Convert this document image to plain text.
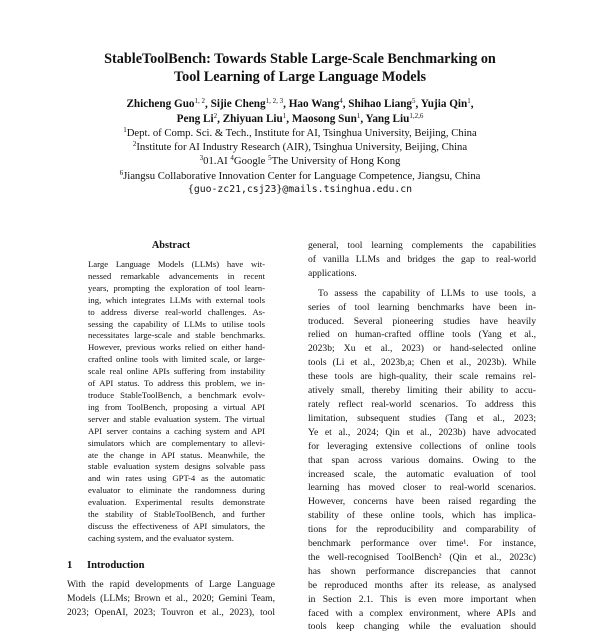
StableToolBench: Towards Stable Large-Scale Benchmarking on
Tool Learning of Large Language Models
Zhicheng Guo$^{1, 2}$, Sijie Cheng$^{1, 2, 3}$, Hao Wang$^4$, Shihao Liang$^5$, Yujia Qin$^1$,
Peng Li$^2$, Zhiyuan Liu$^1$, Maosong Sun$^1$, Yang Liu$^{1,2,6}$
$^1$Dept. of Comp. Sci. & Tech., Institute for AI, Tsinghua University, Beijing, China
$^2$Institute for AI Industry Research (AIR), Tsinghua University, Beijing, China
$^3$01.AI $^4$Google $^5$The University of Hong Kong
$^6$Jiangsu Collaborative Innovation Center for Language Competence, Jiangsu, China
{guo-zc21,csj23}@mails.tsinghua.edu.cn
Abstract
Large Language Models (LLMs) have wit-
nessed remarkable advancements in recent
years, prompting the exploration of tool learn-
ing, which integrates LLMs with external tools
to address diverse real-world challenges. As-
sessing the capability of LLMs to utilise tools
necessitates large-scale and stable benchmarks.
However, previous works relied on either hand-
crafted online tools with limited scale, or large-
scale real online APIs suffering from instability
of API status. To address this problem, we in-
troduce StableToolBench, a benchmark evolv-
ing from ToolBench, proposing a virtual API
server and stable evaluation system. The virtual
API server contains a caching system and API
simulators which are complementary to allevi-
ate the change in API status. Meanwhile, the
stable evaluation system designs solvable pass
and win rates using GPT-4 as the automatic
evaluator to eliminate the randomness during
evaluation. Experimental results demonstrate
the stability of StableToolBench, and further
discuss the effectiveness of API simulators, the
caching system, and the evaluator system.
1 Introduction
With the rapid developments of Large Language
Models (LLMs; Brown et al., 2020; Gemini Team,
2023; OpenAI, 2023; Touvron et al., 2023), tool
general, tool learning complements the capabilities
of vanilla LLMs and bridges the gap to real-world
applications.
To assess the capability of LLMs to use tools, a
series of tool learning benchmarks have been in-
troduced. Several pioneering studies have heavily
relied on human-crafted offline tools (Yang et al.,
2023b; Xu et al., 2023) or hand-selected online
tools (Li et al., 2023b,a; Chen et al., 2023b). While
these tools are high-quality, their scale remains rel-
atively small, thereby limiting their ability to accu-
rately reflect real-world scenarios. To address this
limitation, subsequent studies (Tang et al., 2023;
Ye et al., 2024; Qin et al., 2023b) have advocated
for leveraging extensive collections of online tools
that span across various domains. Owing to the
increased scale, the automatic evaluation of tool
learning has moved closer to real-world scenarios.
However, concerns have been raised regarding the
stability of these online tools, which has implica-
tions for the reproducibility and comparability of
benchmark performance over time¹. For instance,
the well-recognised ToolBench² (Qin et al., 2023c)
has shown performance discrepancies that cannot
be reproduced months after its release, as analysed
in Section 2.1. This is even more important when
faced with a complex environment, where APIs and
tools keep changing while the evaluation should
